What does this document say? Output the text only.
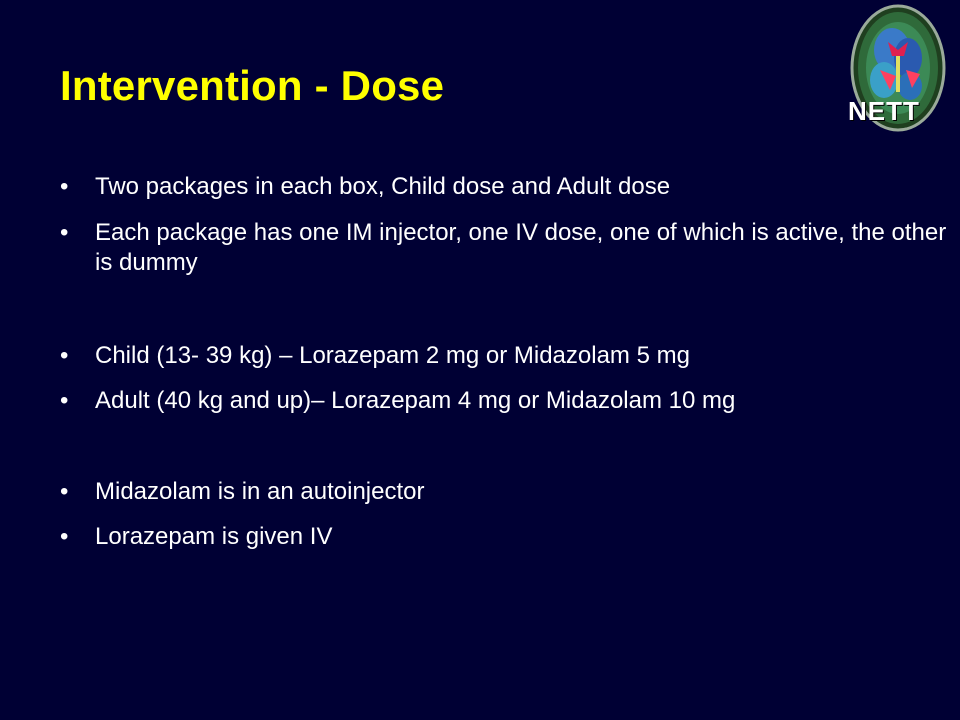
Intervention - Dose
NETT
• Two packages in each box, Child dose and Adult dose
• Each package has one IM injector, one IV dose, one of which is active, the other is dummy
• Child (13- 39 kg) – Lorazepam 2 mg or Midazolam 5 mg
• Adult (40 kg and up)– Lorazepam 4 mg or Midazolam 10 mg
• Midazolam is in an autoinjector
• Lorazepam is given IV
